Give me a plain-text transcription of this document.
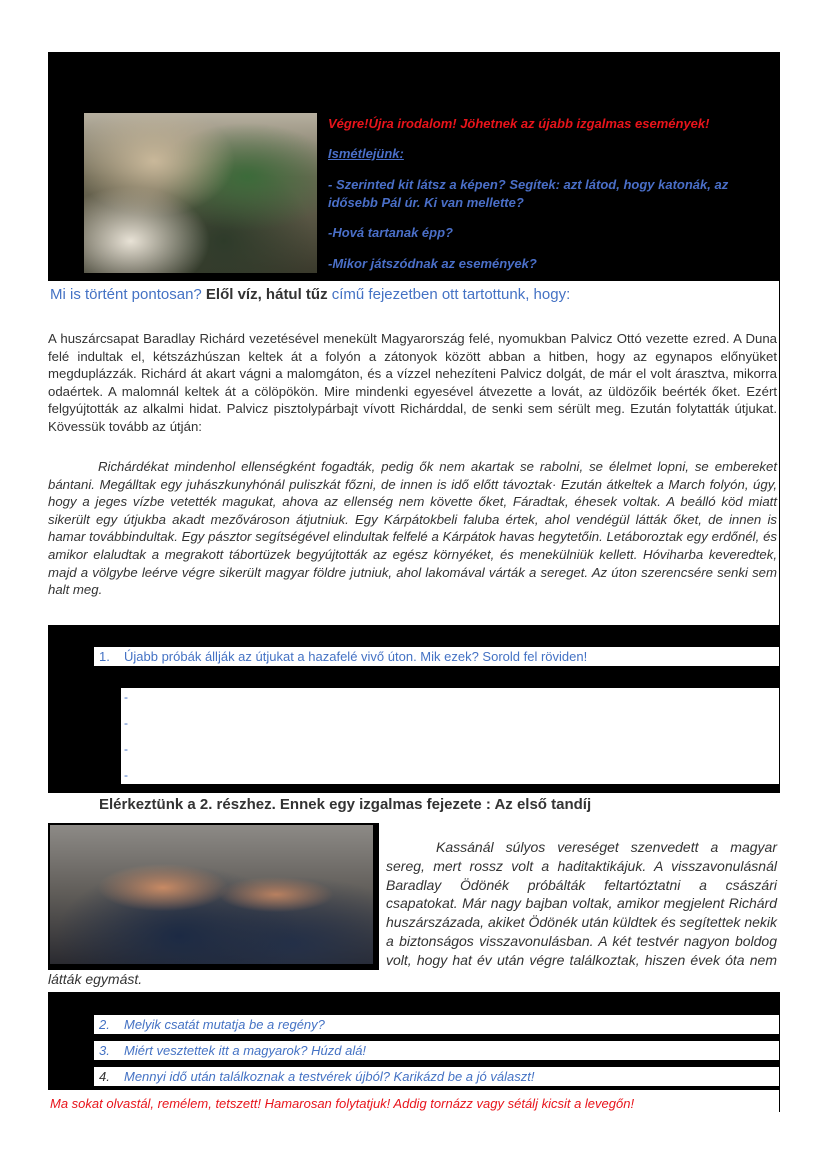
Végre!Újra irodalom! Jöhetnek az újabb izgalmas események!
Ismétlejünk:
- Szerinted kit látsz a képen? Segítek: azt látod, hogy katonák, az idősebb Pál úr. Ki van mellette?
-Hová tartanak épp?
-Mikor játszódnak az események?
Mi is történt pontosan? Elől víz, hátul tűz című fejezetben ott tartottunk, hogy:
A huszárcsapat Baradlay Richárd vezetésével menekült Magyarország felé, nyomukban Palvicz Ottó vezette ezred. A Duna felé indultak el, kétszázhúszan keltek át a folyón a zátonyok között abban a hitben, hogy az egynapos előnyüket megduplázzák. Richárd át akart vágni a malomgáton, és a vízzel nehezíteni Palvicz dolgát, de már el volt árasztva, mikorra odaértek. A malomnál keltek át a cölöpökön. Mire mindenki egyesével átvezette a lovát, az üldözőik beérték őket. Ezért felgyújtották az alkalmi hidat. Palvicz pisztolypárbajt vívott Richárddal, de senki sem sérült meg. Ezután folytatták útjukat. Kövessük tovább az útján:
Richárdékat mindenhol ellenségként fogadták, pedig ők nem akartak se rabolni, se élelmet lopni, se embereket bántani. Megálltak egy juhászkunyhónál puliszkát főzni, de innen is idő előtt távoztak· Ezután átkeltek a March folyón, úgy, hogy a jeges vízbe vetették magukat, ahova az ellenség nem követte őket, Fáradtak, éhesek voltak. A beálló köd miatt sikerült egy útjukba akadt mezővároson átjutniuk. Egy Kárpátokbeli faluba értek, ahol vendégül látták őket, de innen is hamar továbbindultak. Egy pásztor segítségével elindultak felfelé a Kárpátok havas hegytetőin. Letáboroztak egy erdőnél, és amikor elaludtak a megrakott tábortüzek begyújtották az egész környéket, és menekülniük kellett. Hóviharba keveredtek, majd a völgybe leérve végre sikerült magyar földre jutniuk, ahol lakomával várták a sereget. Az úton szerencsére senki sem halt meg.
1. Újabb próbák állják az útjukat a hazafelé vivő úton. Mik ezek? Sorold fel röviden!
-
-
-
-
Elérkeztünk a 2. részhez. Ennek egy izgalmas fejezete : Az első tandíj
Kassánál súlyos vereséget szenvedett a magyar sereg, mert rossz volt a haditaktikájuk. A visszavonulásnál Baradlay Ödönék próbálták feltartóztatni a császári csapatokat. Már nagy bajban voltak, amikor megjelent Richárd huszárszázada, akiket Ödönék után küldtek és segítettek nekik a biztonságos visszavonulásban. A két testvér nagyon boldog volt, hogy hat év után végre találkoztak, hiszen évek óta nem látták egymást.
2. Melyik csatát mutatja be a regény?
3. Miért vesztettek itt a magyarok? Húzd alá!
4. Mennyi idő után találkoznak a testvérek újból? Karikázd be a jó választ!
Ma sokat olvastál, remélem, tetszett! Hamarosan folytatjuk! Addig tornázz vagy sétálj kicsit a levegőn!
